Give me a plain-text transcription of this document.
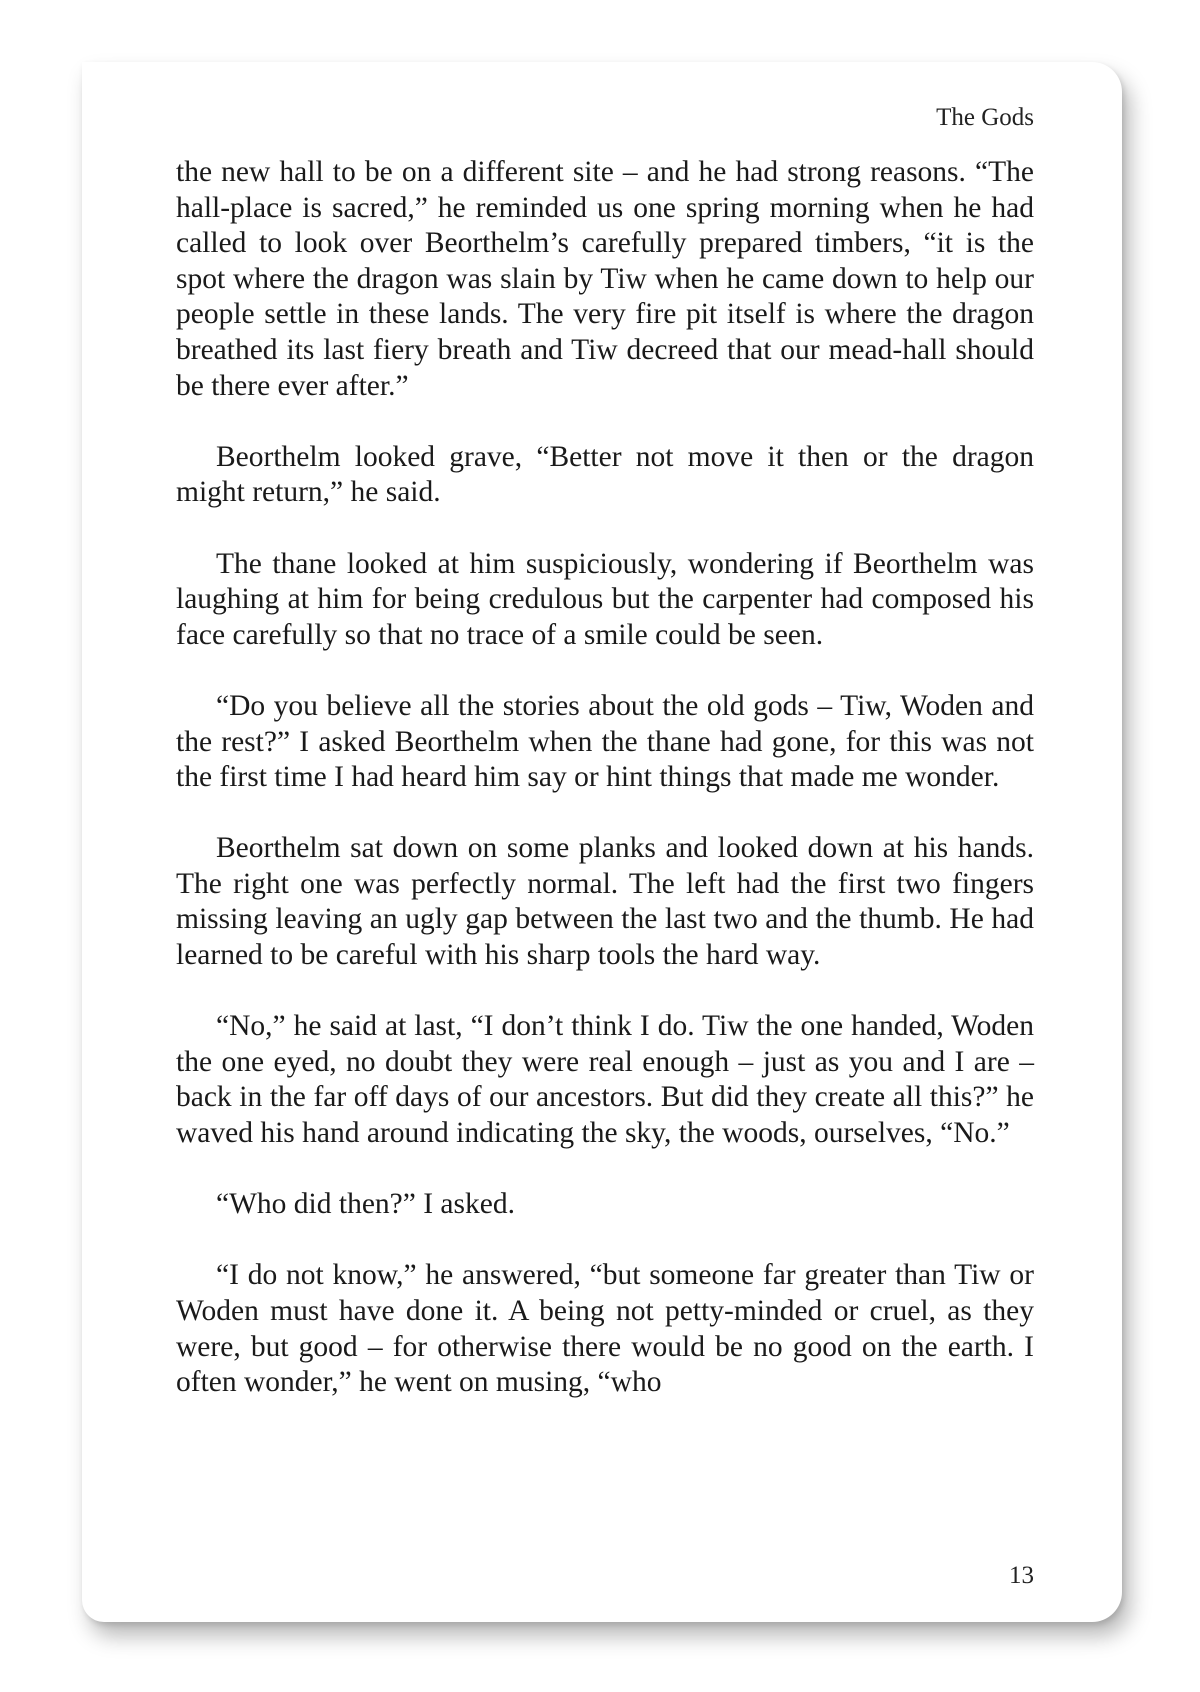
The Gods

the new hall to be on a different site – and he had strong reasons. “The hall-place is sacred,” he reminded us one spring morning when he had called to look over Beorthelm’s carefully prepared timbers, “it is the spot where the dragon was slain by Tiw when he came down to help our people settle in these lands. The very fire pit itself is where the dragon breathed its last fiery breath and Tiw decreed that our mead-hall should be there ever after.”

Beorthelm looked grave, “Better not move it then or the dragon might return,” he said.

The thane looked at him suspiciously, wondering if Beorthelm was laughing at him for being credulous but the carpenter had composed his face carefully so that no trace of a smile could be seen.

“Do you believe all the stories about the old gods – Tiw, Woden and the rest?” I asked Beorthelm when the thane had gone, for this was not the first time I had heard him say or hint things that made me wonder.

Beorthelm sat down on some planks and looked down at his hands. The right one was perfectly normal. The left had the first two fingers missing leaving an ugly gap between the last two and the thumb. He had learned to be careful with his sharp tools the hard way.

“No,” he said at last, “I don’t think I do. Tiw the one handed, Woden the one eyed, no doubt they were real enough – just as you and I are – back in the far off days of our ancestors. But did they create all this?” he waved his hand around indicating the sky, the woods, ourselves, “No.”

“Who did then?” I asked.

“I do not know,” he answered, “but someone far greater than Tiw or Woden must have done it. A being not petty-minded or cruel, as they were, but good – for otherwise there would be no good on the earth. I often wonder,” he went on musing, “who

13
